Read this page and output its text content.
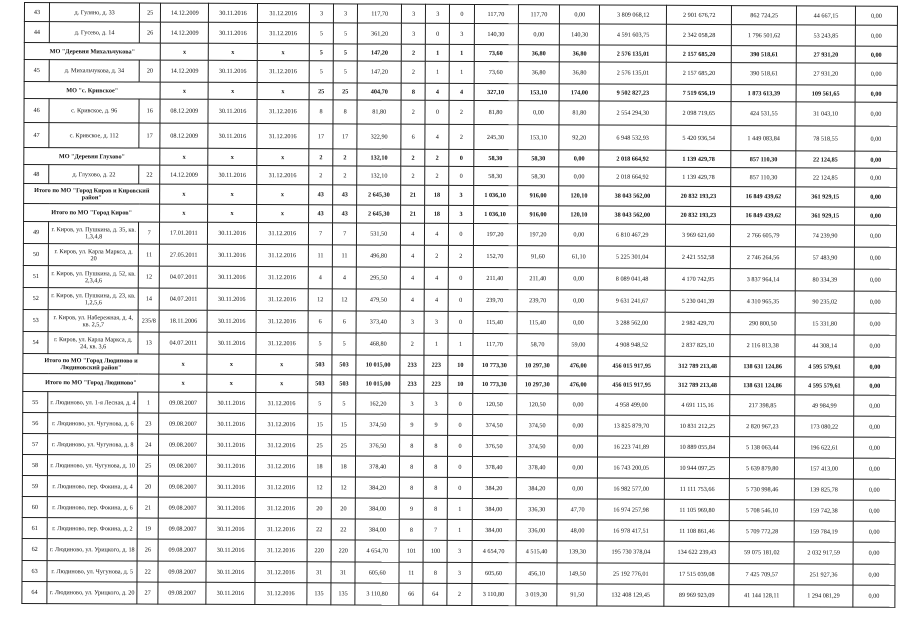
43	д. Гуляно, д. 33	25	14.12.2009	30.11.2016	31.12.2016	3	3	117,70	3	3	0	117,70	117,70	0,00	3 809 068,12	2 901 676,72	862 724,25	44 667,15	0,00
44	д. Гусево, д. 14	26	14.12.2009	30.11.2016	31.12.2016	5	5	361,20	3	0	3	140,30	0,00	140,30	4 591 603,75	2 342 058,28	1 796 501,62	53 243,85	0,00
МО "Деревня Михальчукова"			х	х	х	5	5	147,20	2	1	1	73,60	36,80	36,80	2 576 135,01	2 157 685,20	390 518,61	27 931,20	0,00
45	д. Михальчукова, д. 34	20	14.12.2009	30.11.2016	31.12.2016	5	5	147,20	2	1	1	73,60	36,80	36,80	2 576 135,01	2 157 685,20	390 518,61	27 931,20	0,00
МО "с. Кривское"			х	х	х	25	25	404,70	8	4	4	327,10	153,10	174,00	9 502 827,23	7 519 656,19	1 873 613,39	109 561,65	0,00
46	с. Кривское, д. 96	16	08.12.2009	30.11.2016	31.12.2016	8	8	81,80	2	0	2	81,80	0,00	81,80	2 554 294,30	2 098 719,65	424 531,55	31 043,10	0,00
47	с. Кривское, д. 112	17	08.12.2009	30.11.2016	31.12.2016	17	17	322,90	6	4	2	245,30	153,10	92,20	6 948 532,93	5 420 936,54	1 449 083,84	78 518,55	0,00
МО "Деревня Глухово"			х	х	х	2	2	132,10	2	2	0	58,30	58,30	0,00	2 018 664,92	1 139 429,78	857 110,30	22 124,85	0,00
48	д. Глухово, д. 22	22	14.12.2009	30.11.2016	31.12.2016	2	2	132,10	2	2	0	58,30	58,30	0,00	2 018 664,92	1 139 429,78	857 110,30	22 124,85	0,00
Итого по МО "Город Киров и Кировский район"			х	х	х	43	43	2 645,30	21	18	3	1 036,10	916,00	120,10	38 043 562,00	20 832 193,23	16 849 439,62	361 929,15	0,00
Итого по МО "Город Киров"			х	х	х	43	43	2 645,30	21	18	3	1 036,10	916,00	120,10	38 043 562,00	20 832 193,23	16 849 439,62	361 929,15	0,00
49	г. Киров, ул. Пушкина, д. 35, кв. 1,3,4,8	7	17.01.2011	30.11.2016	31.12.2016	7	7	531,50	4	4	0	197,20	197,20	0,00	6 810 467,29	3 969 621,60	2 766 605,79	74 239,90	0,00
50	г. Киров, ул. Карла Маркса, д. 20	11	27.05.2011	30.11.2016	31.12.2016	11	11	496,80	4	2	2	152,70	91,60	61,10	5 225 301,04	2 421 552,58	2 746 264,56	57 483,90	0,00
51	г. Киров, ул. Пушкина, д. 52, кв. 2,3,4,6	12	04.07.2011	30.11.2016	31.12.2016	4	4	295,50	4	4	0	211,40	211,40	0,00	8 089 041,48	4 170 742,95	3 837 964,14	80 334,39	0,00
52	г. Киров, ул. Пушкина, д. 23, кв. 1,2,5,6	14	04.07.2011	30.11.2016	31.12.2016	12	12	479,50	4	4	0	239,70	239,70	0,00	9 631 241,67	5 230 041,39	4 310 965,35	90 235,02	0,00
53	г. Киров, ул. Набережная, д. 4, кв. 2,5,7	235/8	18.11.2006	30.11.2016	31.12.2016	6	6	373,40	3	3	0	115,40	115,40	0,00	3 288 562,00	2 982 429,70	290 800,50	15 331,80	0,00
54	г. Киров, ул. Карла Маркса, д. 24, кв. 3,6	13	04.07.2011	30.11.2016	31.12.2016	5	5	468,80	2	1	1	117,70	58,70	59,00	4 908 948,52	2 837 825,10	2 116 813,38	44 308,14	0,00
Итого по МО "Город Людиново и Людиновский район"			х	х	х	503	503	10 015,00	233	223	10	10 773,30	10 297,30	476,00	456 015 917,95	312 789 213,48	138 631 124,86	4 595 579,61	0,00
Итого по МО "Город Людиново"			х	х	х	503	503	10 015,00	233	223	10	10 773,30	10 297,30	476,00	456 015 917,95	312 789 213,48	138 631 124,86	4 595 579,61	0,00
55	г. Людиново, ул. 1-я Лесная, д. 4	1	09.08.2007	30.11.2016	31.12.2016	5	5	162,20	3	3	0	120,50	120,50	0,00	4 958 499,00	4 691 115,16	217 398,85	49 984,99	0,00
56	г. Людиново, ул. Чугунова, д. 6	23	09.08.2007	30.11.2016	31.12.2016	15	15	374,50	9	9	0	374,50	374,50	0,00	13 825 879,70	10 831 212,25	2 820 967,23	173 080,22	0,00
57	г. Людиново, ул. Чугунова, д. 8	24	09.08.2007	30.11.2016	31.12.2016	25	25	376,50	8	8	0	376,50	374,50	0,00	16 223 741,89	10 889 055,84	5 138 063,44	196 622,61	0,00
58	г. Людиново, ул. Чугунова, д. 10	25	09.08.2007	30.11.2016	31.12.2016	18	18	378,40	8	8	0	378,40	378,40	0,00	16 743 200,05	10 944 097,25	5 639 879,80	157 413,00	0,00
59	г. Людиново, пер. Фокина, д. 4	20	09.08.2007	30.11.2016	31.12.2016	12	12	384,20	8	8	0	384,20	384,20	0,00	16 982 577,00	11 111 753,66	5 730 998,46	139 825,78	0,00
60	г. Людиново, пер. Фокина, д. 6	21	09.08.2007	30.11.2016	31.12.2016	20	20	384,00	9	8	1	384,00	336,30	47,70	16 974 257,98	11 105 969,80	5 708 546,10	159 742,38	0,00
61	г. Людиново, пер. Фокина, д. 2	19	09.08.2007	30.11.2016	31.12.2016	22	22	384,00	8	7	1	384,00	336,00	48,00	16 978 417,51	11 108 861,46	5 709 772,28	159 784,19	0,00
62	г. Людиново, ул. Урицкого, д. 18	26	09.08.2007	30.11.2016	31.12.2016	220	220	4 654,70	101	100	3	4 654,70	4 515,40	139,30	195 730 378,04	134 622 239,43	59 075 181,02	2 032 917,59	0,00
63	г. Людиново, ул. Чугунова, д. 5	22	09.08.2007	30.11.2016	31.12.2016	31	31	605,60	11	8	3	605,60	456,10	149,50	25 192 776,01	17 515 039,08	7 425 709,57	251 927,36	0,00
64	г. Людиново, ул. Урицкого, д. 20	27	09.08.2007	30.11.2016	31.12.2016	135	135	3 110,80	66	64	2	3 110,80	3 019,30	91,50	132 408 129,45	89 969 923,09	41 144 128,11	1 294 081,29	0,00
